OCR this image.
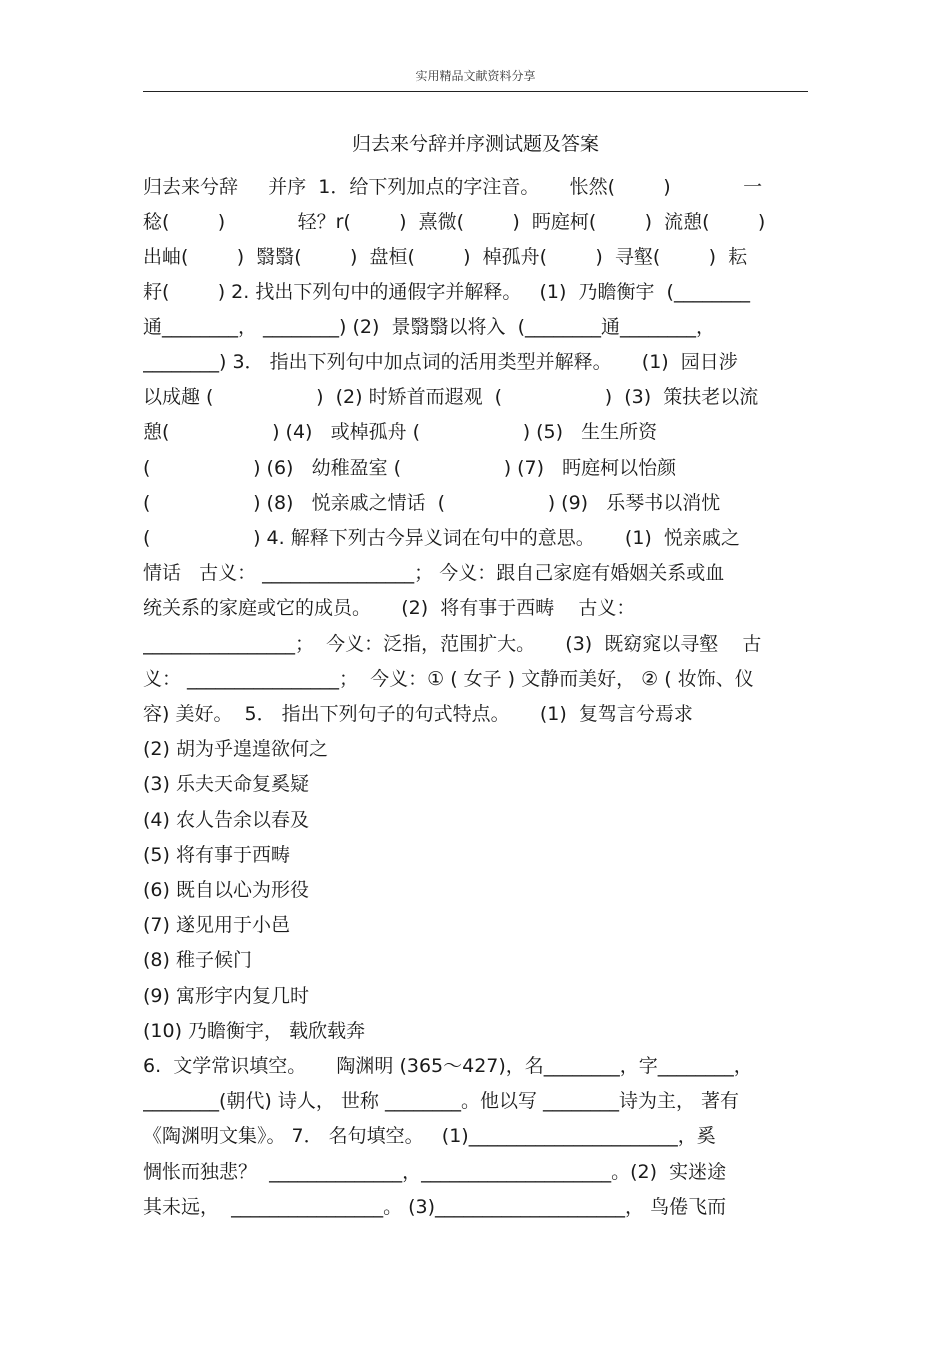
实用精品文献资料分享
归去来兮辞并序测试题及答案
归去来兮辞     并序  1．给下列加点的字注音。     怅然(        )            一
稔(        )            轻？r(        )  熹微(        )  眄庭柯(        )  流憩(        )
出岫(        )  翳翳(        )  盘桓(        )  棹孤舟(        )  寻壑(        )  耘
耔(        ) 2. 找出下列句中的通假字并解释。   (1)  乃瞻衡宇  (________
通________， ________) (2)  景翳翳以将入  (________通________，
________) 3． 指出下列句中加点词的活用类型并解释。     (1)  园日涉
以成趣 (                 )  (2) 时矫首而遐观  (                 )  (3)  策扶老以流
憩(                 ) (4)   或棹孤舟 (                 ) (5)   生生所资
(                 ) (6)   幼稚盈室 (                 ) (7)   眄庭柯以怡颜
(                 ) (8)   悦亲戚之情话  (                 ) (9)   乐琴书以消忧
(                 ) 4. 解释下列古今异义词在句中的意思。     (1)  悦亲戚之
情话   古义： ________________； 今义：跟自己家庭有婚姻关系或血
统关系的家庭或它的成员。     (2)  将有事于西畴    古义：
________________；  今义：泛指，范围扩大。     (3)  既窈窕以寻壑    古
义： ________________；  今义：① ( 女子 ) 文静而美好， ② ( 妆饰、仪
容) 美好。  5． 指出下列句子的句式特点。     (1)  复驾言兮焉求
(2) 胡为乎遑遑欲何之
(3) 乐夫天命复奚疑
(4) 农人告余以春及
(5) 将有事于西畴
(6) 既自以心为形役
(7) 遂见用于小邑
(8) 稚子候门
(9) 寓形宇内复几时
(10) 乃瞻衡宇， 载欣载奔
6.  文学常识填空。     陶渊明 (365～427)，名________，字________，
________(朝代) 诗人， 世称 ________。他以写 ________诗为主， 著有
《陶渊明文集》。 7． 名句填空。   (1)______________________，奚
惆怅而独悲？  ______________，____________________。(2)  实迷途
其未远，  ________________。 (3)____________________， 鸟倦飞而
